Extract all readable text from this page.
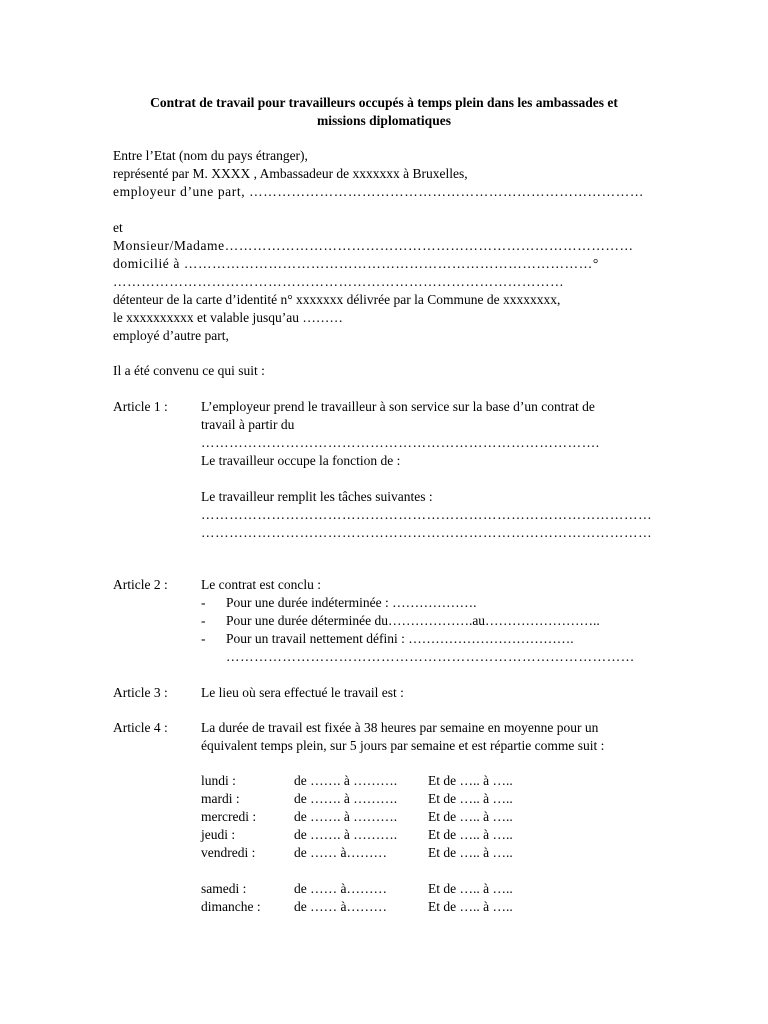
Contrat de travail pour travailleurs occupés à temps plein dans les ambassades et
missions diplomatiques
Entre l’Etat (nom du pays étranger),
représenté par M. XXXX , Ambassadeur de xxxxxxx à Bruxelles,
employeur d’une part, …………………………………………………………………………
et
Monsieur/Madame……………………………………………………………………………
domicilié à ……………………………………………………………………………°
……………………………………………………………………………………
détenteur de la carte d’identité n° xxxxxxx délivrée par la Commune de xxxxxxxx,
le xxxxxxxxxx et valable jusqu’au ………
employé d’autre part,
Il a été convenu ce qui suit :
Article 1 : L’employeur prend le travailleur à son service sur la base d’un contrat de
travail à partir du
………………………………………………………………………….
Le travailleur occupe la fonction de :
Le travailleur remplit les tâches suivantes :
……………………………………………………………………………………
……………………………………………………………………………………
Article 2 : Le contrat est conclu :
- Pour une durée indéterminée : ……………….
- Pour une durée déterminée du……………….au……………………..
- Pour un travail nettement défini : ……………………………….
……………………………………………………………………………
Article 3 : Le lieu où sera effectué le travail est :
Article 4 : La durée de travail est fixée à 38 heures par semaine en moyenne pour un
équivalent temps plein, sur 5 jours par semaine et est répartie comme suit :
lundi :	de ……. à ………. Et de ….. à …..
mardi :	de ……. à ………. Et de ….. à …..
mercredi :	de ……. à ………. Et de ….. à …..
jeudi :	de ……. à ………. Et de ….. à …..
vendredi :	de …… à………	Et de ….. à …..
samedi :	de …… à………	Et de ….. à …..
dimanche : de …… à………	Et de ….. à …..
